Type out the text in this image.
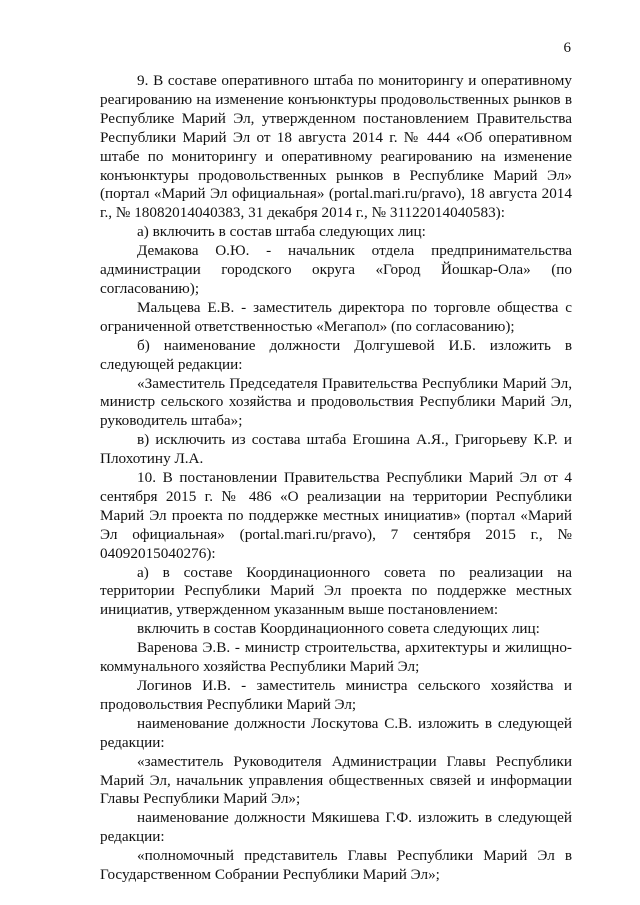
6

9. В составе оперативного штаба по мониторингу и оперативному реагированию на изменение конъюнктуры продовольственных рынков в Республике Марий Эл, утвержденном постановлением Правительства Республики Марий Эл от 18 августа 2014 г. № 444 «Об оперативном штабе по мониторингу и оперативному реагированию на изменение конъюнктуры продовольственных рынков в Республике Марий Эл» (портал «Марий Эл официальная» (portal.mari.ru/pravo), 18 августа 2014 г., № 18082014040383, 31 декабря 2014 г., № 31122014040583):

а) включить в состав штаба следующих лиц:

Демакова О.Ю. - начальник отдела предпринимательства администрации городского округа «Город Йошкар-Ола» (по согласованию);

Мальцева Е.В. - заместитель директора по торговле общества с ограниченной ответственностью «Мегапол» (по согласованию);

б) наименование должности Долгушевой И.Б. изложить в следующей редакции:

«Заместитель Председателя Правительства Республики Марий Эл, министр сельского хозяйства и продовольствия Республики Марий Эл, руководитель штаба»;

в) исключить из состава штаба Егошина А.Я., Григорьеву К.Р. и Плохотину Л.А.

10. В постановлении Правительства Республики Марий Эл от 4 сентября 2015 г. № 486 «О реализации на территории Республики Марий Эл проекта по поддержке местных инициатив» (портал «Марий Эл официальная» (portal.mari.ru/pravo), 7 сентября 2015 г., № 04092015040276):

а) в составе Координационного совета по реализации на территории Республики Марий Эл проекта по поддержке местных инициатив, утвержденном указанным выше постановлением:

включить в состав Координационного совета следующих лиц:

Варенова Э.В. - министр строительства, архитектуры и жилищно-коммунального хозяйства Республики Марий Эл;

Логинов И.В. - заместитель министра сельского хозяйства и продовольствия Республики Марий Эл;

наименование должности Лоскутова С.В. изложить в следующей редакции:

«заместитель Руководителя Администрации Главы Республики Марий Эл, начальник управления общественных связей и информации Главы Республики Марий Эл»;

наименование должности Мякишева Г.Ф. изложить в следующей редакции:

«полномочный представитель Главы Республики Марий Эл в Государственном Собрании Республики Марий Эл»;
